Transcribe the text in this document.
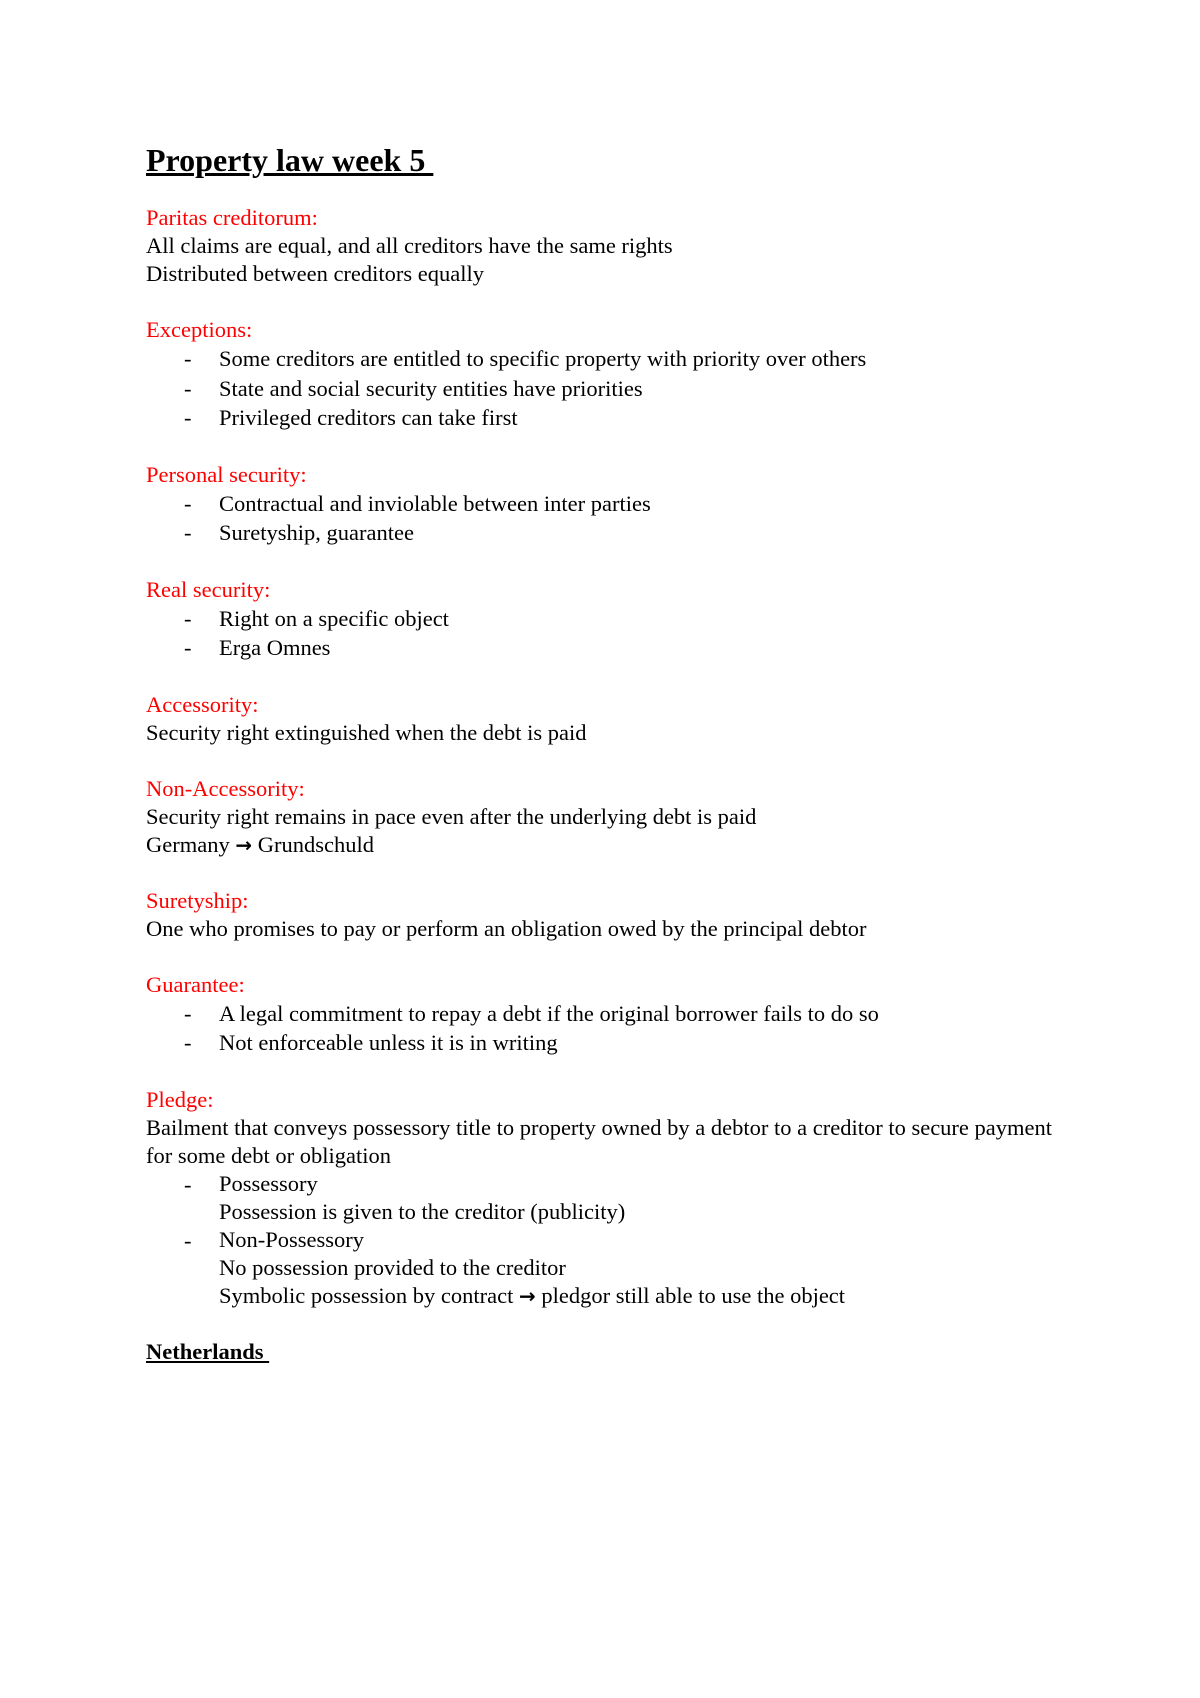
Property law week 5
Paritas creditorum:
All claims are equal, and all creditors have the same rights
Distributed between creditors equally
Exceptions:
- Some creditors are entitled to specific property with priority over others
- State and social security entities have priorities
- Privileged creditors can take first
Personal security:
- Contractual and inviolable between inter parties
- Suretyship, guarantee
Real security:
- Right on a specific object
- Erga Omnes
Accessority:
Security right extinguished when the debt is paid
Non-Accessority:
Security right remains in pace even after the underlying debt is paid
Germany → Grundschuld
Suretyship:
One who promises to pay or perform an obligation owed by the principal debtor
Guarantee:
- A legal commitment to repay a debt if the original borrower fails to do so
- Not enforceable unless it is in writing
Pledge:
Bailment that conveys possessory title to property owned by a debtor to a creditor to secure payment for some debt or obligation
- Possessory
Possession is given to the creditor (publicity)
- Non-Possessory
No possession provided to the creditor
Symbolic possession by contract → pledgor still able to use the object
Netherlands
